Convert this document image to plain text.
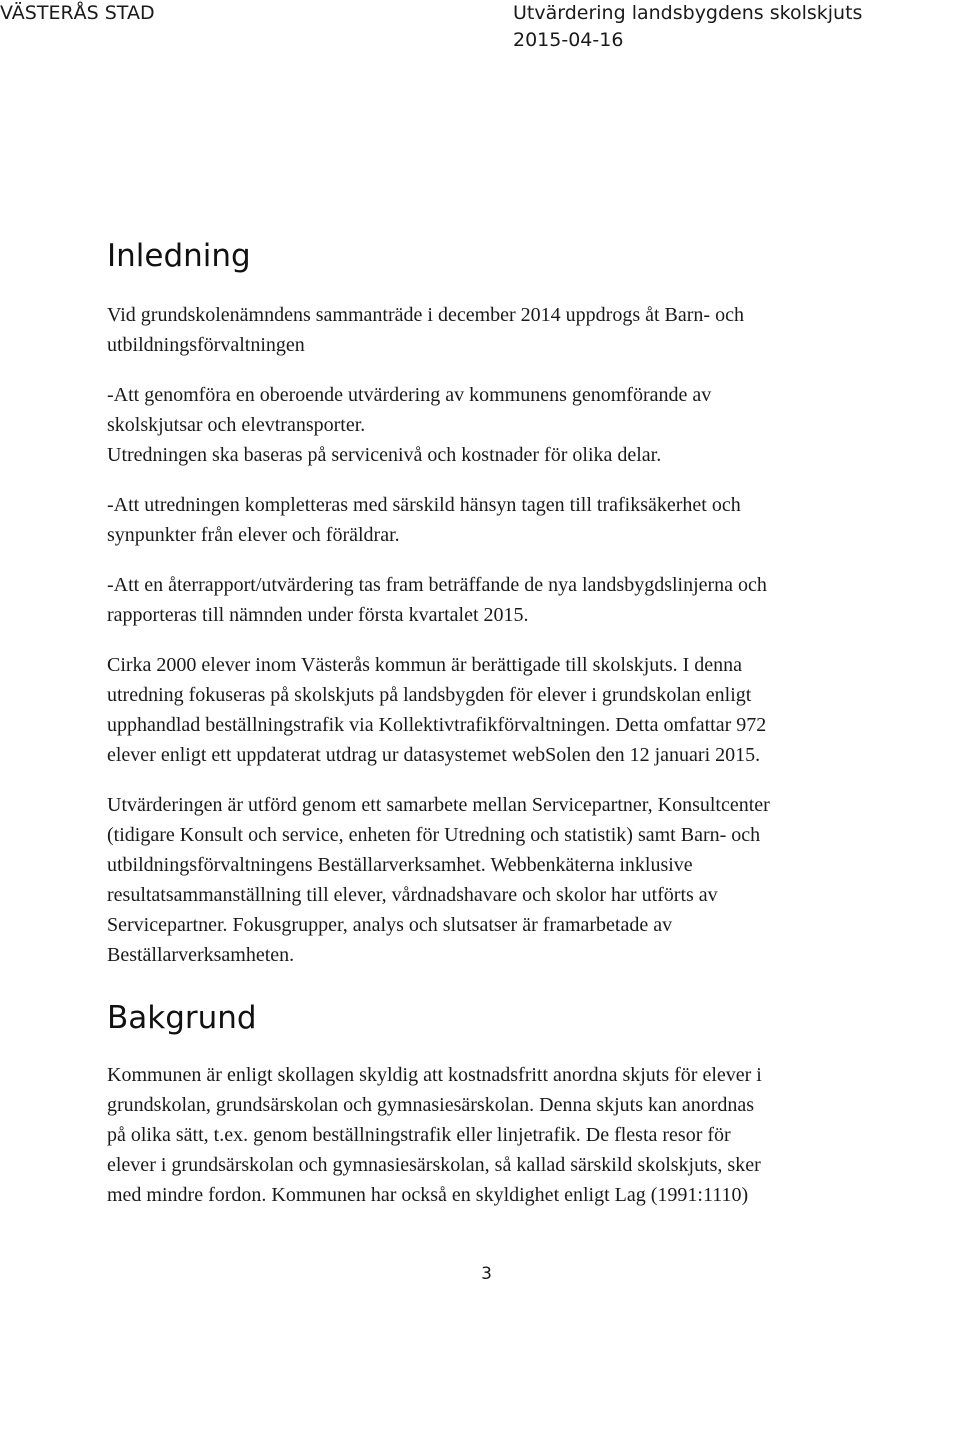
VÄSTERÅS STAD	Utvärdering landsbygdens skolskjuts
2015-04-16
Inledning

Vid grundskolenämndens sammanträde i december 2014 uppdrogs åt Barn- och
utbildningsförvaltningen

-Att genomföra en oberoende utvärdering av kommunens genomförande av
skolskjutsar och elevtransporter.
Utredningen ska baseras på servicenivå och kostnader för olika delar.

-Att utredningen kompletteras med särskild hänsyn tagen till trafiksäkerhet och
synpunkter från elever och föräldrar.

-Att en återrapport/utvärdering tas fram beträffande de nya landsbygdslinjerna och
rapporteras till nämnden under första kvartalet 2015.

Cirka 2000 elever inom Västerås kommun är berättigade till skolskjuts. I denna
utredning fokuseras på skolskjuts på landsbygden för elever i grundskolan enligt
upphandlad beställningstrafik via Kollektivtrafikförvaltningen. Detta omfattar 972
elever enligt ett uppdaterat utdrag ur datasystemet webSolen den 12 januari 2015.

Utvärderingen är utförd genom ett samarbete mellan Servicepartner, Konsultcenter
(tidigare Konsult och service, enheten för Utredning och statistik) samt Barn- och
utbildningsförvaltningens Beställarverksamhet. Webbenkäterna inklusive
resultatsammanställning till elever, vårdnadshavare och skolor har utförts av
Servicepartner. Fokusgrupper, analys och slutsatser är framarbetade av
Beställarverksamheten.

Bakgrund

Kommunen är enligt skollagen skyldig att kostnadsfritt anordna skjuts för elever i
grundskolan, grundsärskolan och gymnasiesärskolan. Denna skjuts kan anordnas
på olika sätt, t.ex. genom beställningstrafik eller linjetrafik. De flesta resor för
elever i grundsärskolan och gymnasiesärskolan, så kallad särskild skolskjuts, sker
med mindre fordon. Kommunen har också en skyldighet enligt Lag (1991:1110)

3
